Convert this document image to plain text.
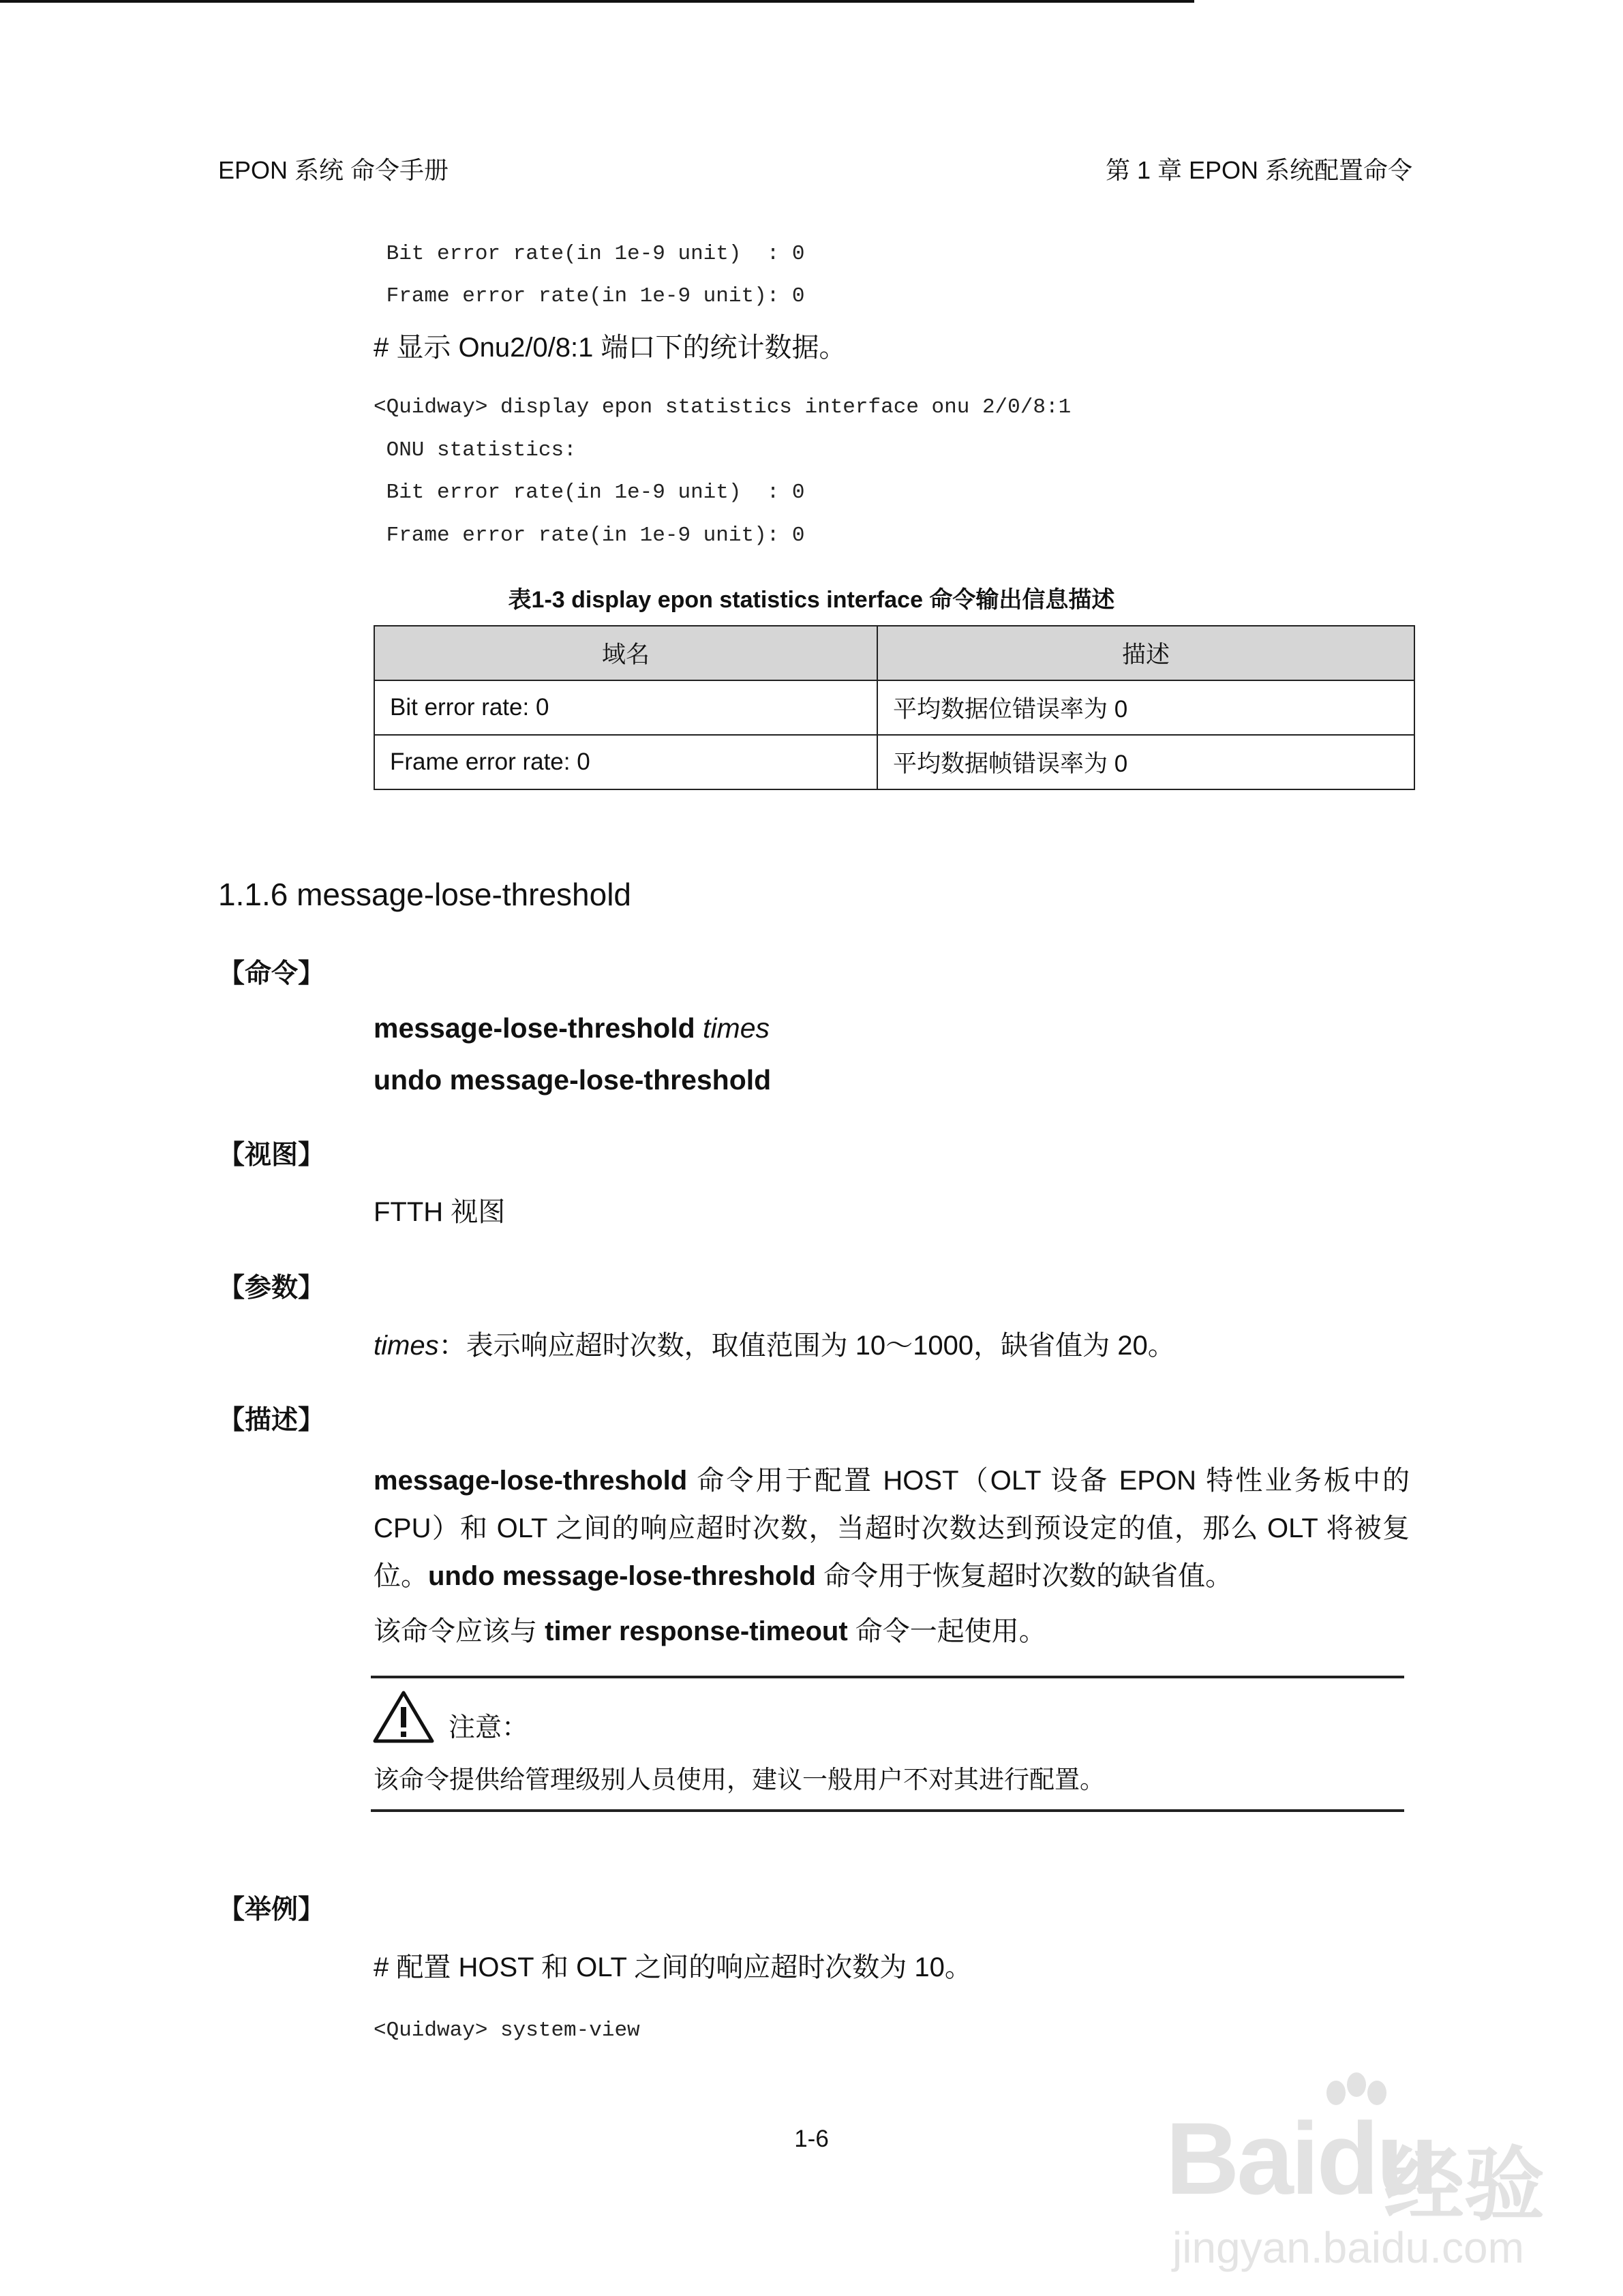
EPON 系统 命令手册	第 1 章 EPON 系统配置命令
Bit error rate(in 1e-9 unit)  : 0
Frame error rate(in 1e-9 unit): 0
# 显示 Onu2/0/8:1 端口下的统计数据。
<Quidway> display epon statistics interface onu 2/0/8:1
ONU statistics:
Bit error rate(in 1e-9 unit)  : 0
Frame error rate(in 1e-9 unit): 0
表1-3 display epon statistics interface 命令输出信息描述
域名	描述
Bit error rate: 0	平均数据位错误率为 0
Frame error rate: 0	平均数据帧错误率为 0
1.1.6 message-lose-threshold
【命令】
message-lose-threshold times
undo message-lose-threshold
【视图】
FTTH 视图
【参数】
times：表示响应超时次数，取值范围为 10～1000，缺省值为 20。
【描述】
message-lose-threshold 命令用于配置 HOST（OLT 设备 EPON 特性业务板中的 CPU）和 OLT 之间的响应超时次数，当超时次数达到预设定的值，那么 OLT 将被复位。undo message-lose-threshold 命令用于恢复超时次数的缺省值。
该命令应该与 timer response-timeout 命令一起使用。
注意：
该命令提供给管理级别人员使用，建议一般用户不对其进行配置。
【举例】
# 配置 HOST 和 OLT 之间的响应超时次数为 10。
<Quidway> system-view
1-6	Baidu
经验
jingyan.baidu.com
